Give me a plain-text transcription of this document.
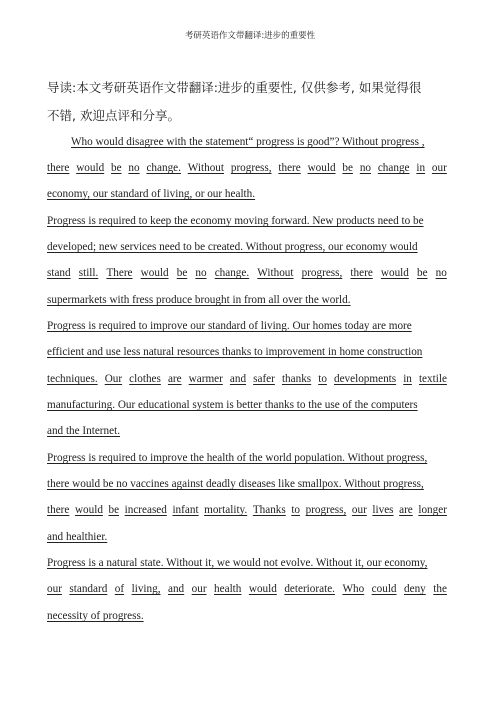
考研英语作文带翻译:进步的重要性
导读:本文考研英语作文带翻译:进步的重要性, 仅供参考, 如果觉得很
不错, 欢迎点评和分享。
Who would disagree with the statement“ progress is good”? Without progress ,
there would be no change. Without progress, there would be no change in our
economy, our standard of living, or our health.
Progress is required to keep the economy moving forward. New products need to be
developed; new services need to be created. Without progress, our economy would
stand still. There would be no change. Without progress, there would be no
supermarkets with fress produce brought in from all over the world.
Progress is required to improve our standard of living. Our homes today are more
efficient and use less natural resources thanks to improvement in home construction
techniques. Our clothes are warmer and safer thanks to developments in textile
manufacturing. Our educational system is better thanks to the use of the computers
and the Internet.
Progress is required to improve the health of the world population. Without progress,
there would be no vaccines against deadly diseases like smallpox. Without progress,
there would be increased infant mortality. Thanks to progress, our lives are longer
and healthier.
Progress is a natural state. Without it, we would not evolve. Without it, our economy,
our standard of living, and our health would deteriorate. Who could deny the
necessity of progress.
